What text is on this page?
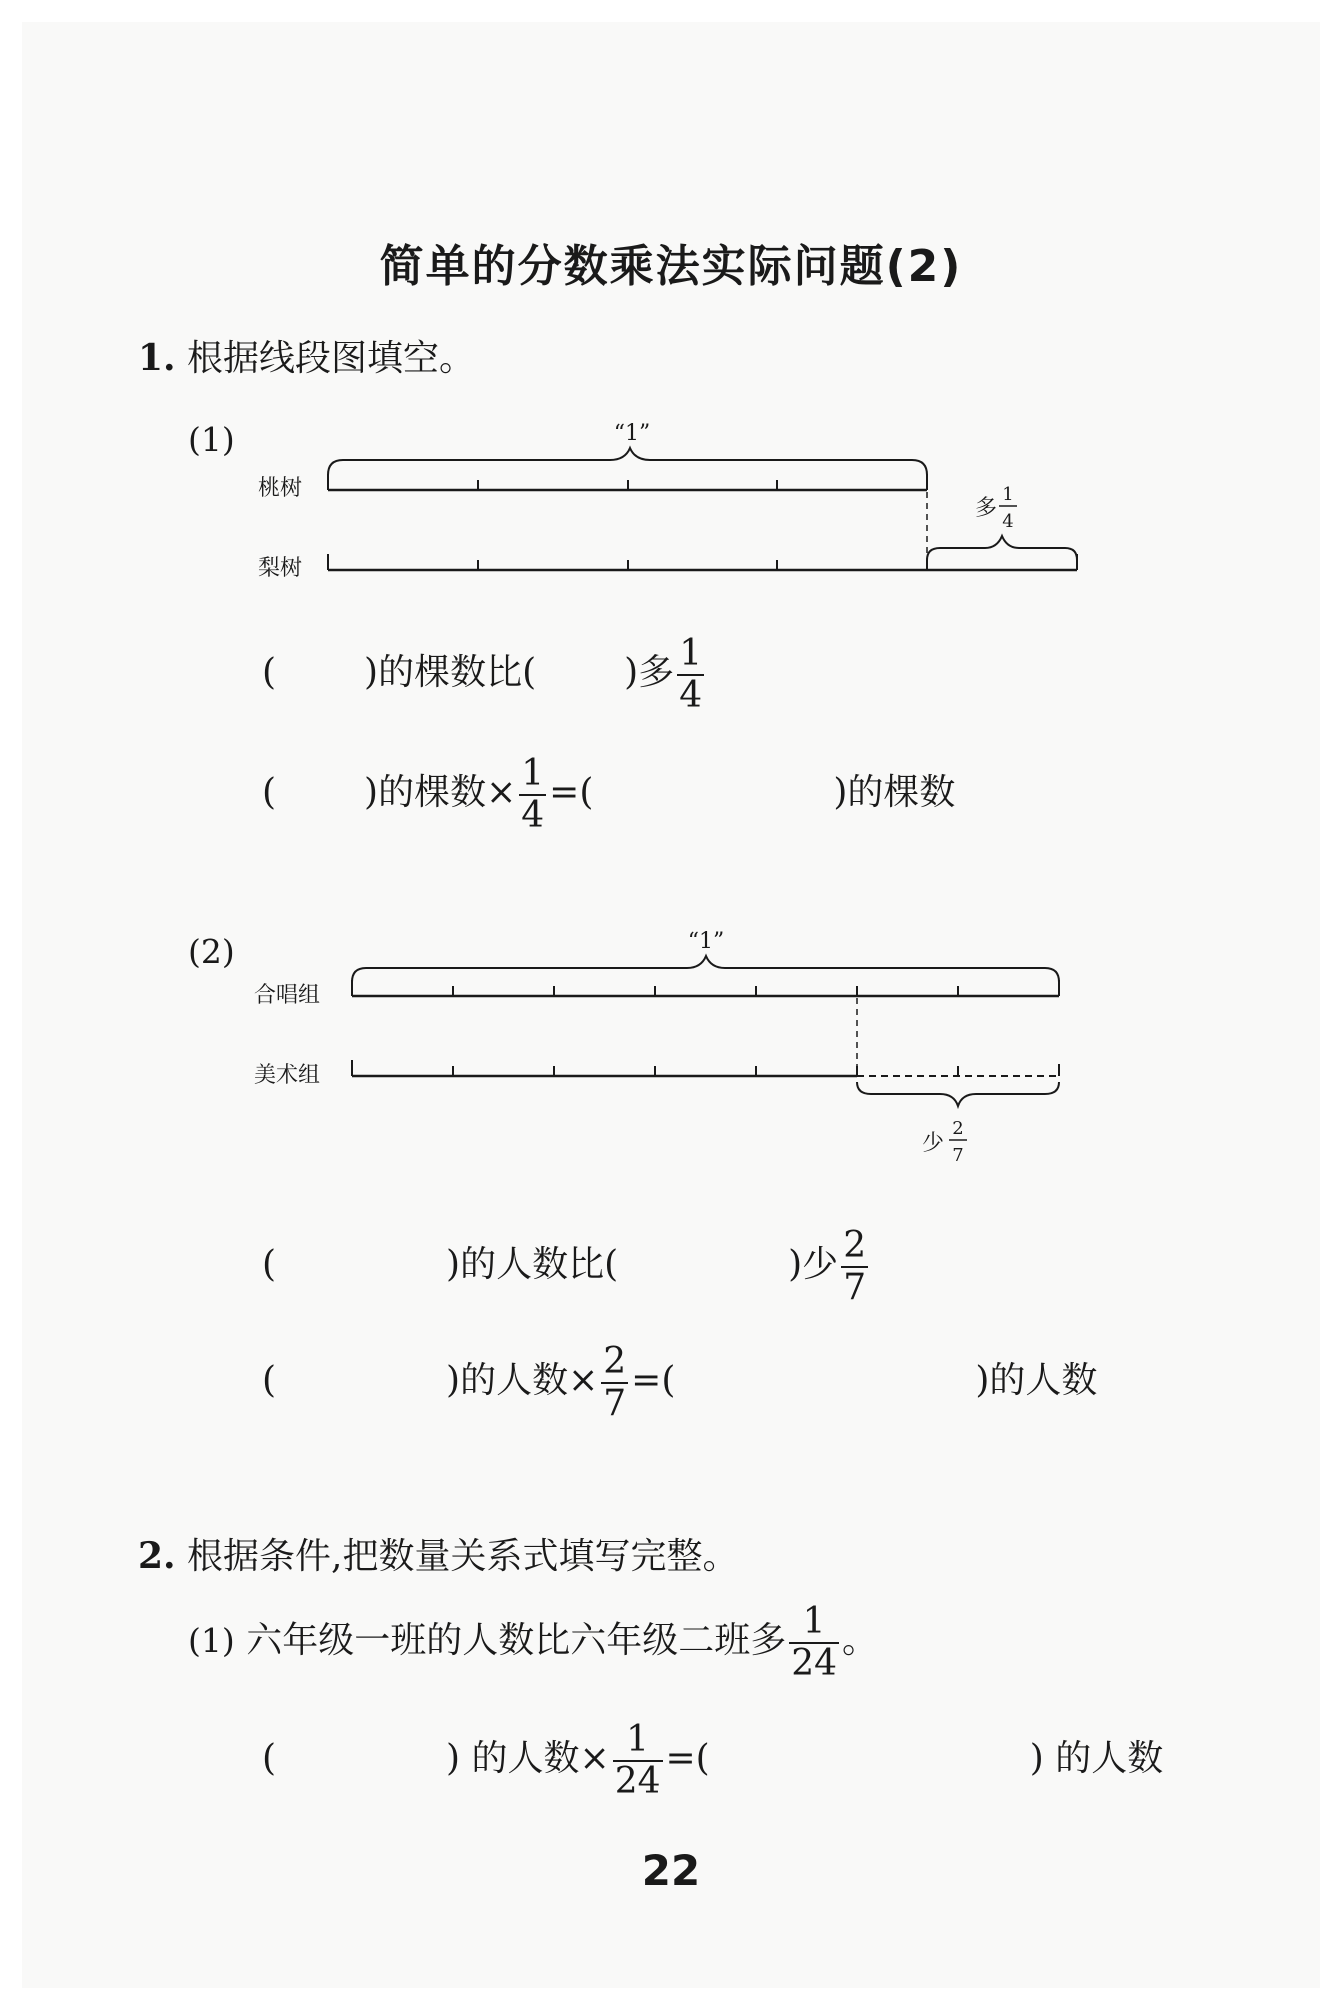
简单的分数乘法实际问题(2)
1. 根据线段图填空。
(1)	“1”
桃树
多
1
4
梨树
( )的棵数比( )多 $\frac{1}{4}$
( )的棵数× $\frac{1}{4}$ =(	)的棵数
(2)	“1”
合唱组
美术组
少
2
7
(	)的人数比(	)少 $\frac{2}{7}$
(	)的人数× $\frac{2}{7}$ =(	)的人数
2. 根据条件,把数量关系式填写完整。
(1) 六年级一班的人数比六年级二班多 $\frac{1}{24}$ 。
(	) 的人数× $\frac{1}{24}$ =(	) 的人数
22
